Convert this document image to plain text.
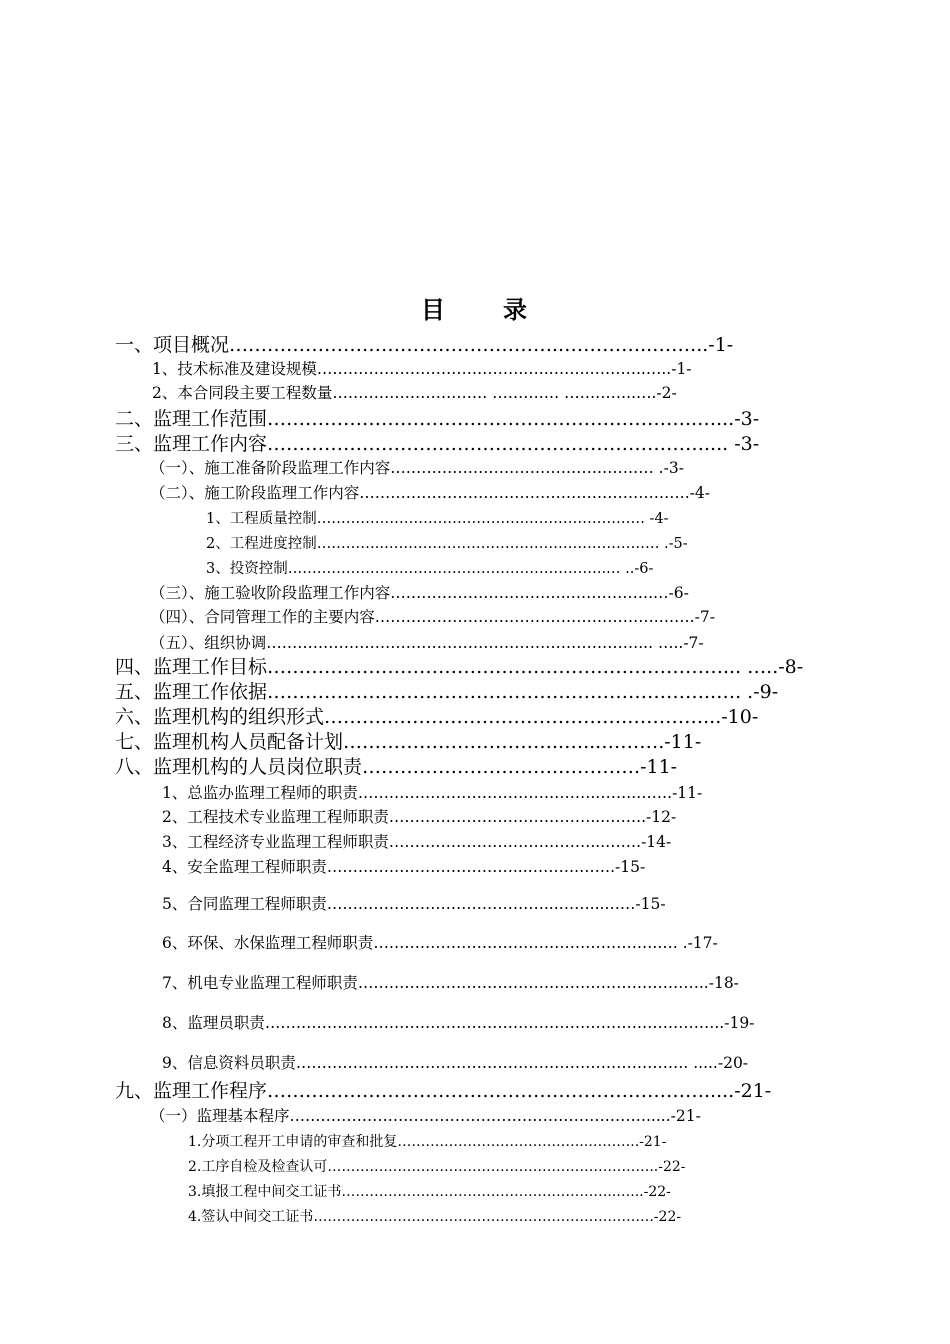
目 录
一、项目概况……………………………………………..…………..……...-1-
1、技术标准及建设规模………………………………….…..……..………..…..-1-
2、本合同段主要工程数量………………………… ……….… …………..….-2-
二、监理工作范围…………………………………………………………..…...-3-
三、监理工作内容…………………………………………………………….... -3-
（一）、施工准备阶段监理工作内容…………………………………………… .-3-
（二）、施工阶段监理工作内容……………………………………………………….-4-
1、工程质量控制……………………………………..…………………… -4-
2、工程进度控制…………..………………………………………………… .-5-
3、投资控制…………………….…………………………………..… ..-6-
（三）、施工验收阶段监理工作内容……………………………..…………….…-6-
（四）、合同管理工作的主要内容……………………………………………….…….-7-
（五）、组织协调………………………………………………………………... …..-7-
四、监理工作目标………………………………………………………………... …..-8-
五、监理工作依据……………………………………………………………..…. .-9-
六、监理机构的组织形式………..……………………………….…………...-10-
七、监理机构人员配备计划……………………………..…...……….-11-
八、监理机构的人员岗位职责………………………….………….-11-
1、总监办监理工程师的职责……………………………………….……..…….-11-
2、工程技术专业监理工程师职责…………………………………...……..-12-
3、工程经济专业监理工程师职责…………………………………...…….-14-
4、安全监理工程师职责………………………………...……….…….-15-
5、合同监理工程师职责……………………………………...……...……-15-
6、环保、水保监理工程师职责……………………………………………….…. .-17-
7、机电专业监理工程师职责…………………………………………………………..-18-
8、监理员职责……………………………………………………………………………..-19-
9、信息资料员职责…………………………………………………………………. .....-20-
九、监理工作程序…………………………………………………………….....-21-
（一）监理基本程序…………………………………………………………….....-21-
1.分项工程开工申请的审查和批复…………………………………..………..-21-
2.工序自检及检查认可……………………………………………………………..-22-
3.填报工程中间交工证书…………………………………………………..…...-22-
4.签认中间交工证书……………………………………………………………….-22-
